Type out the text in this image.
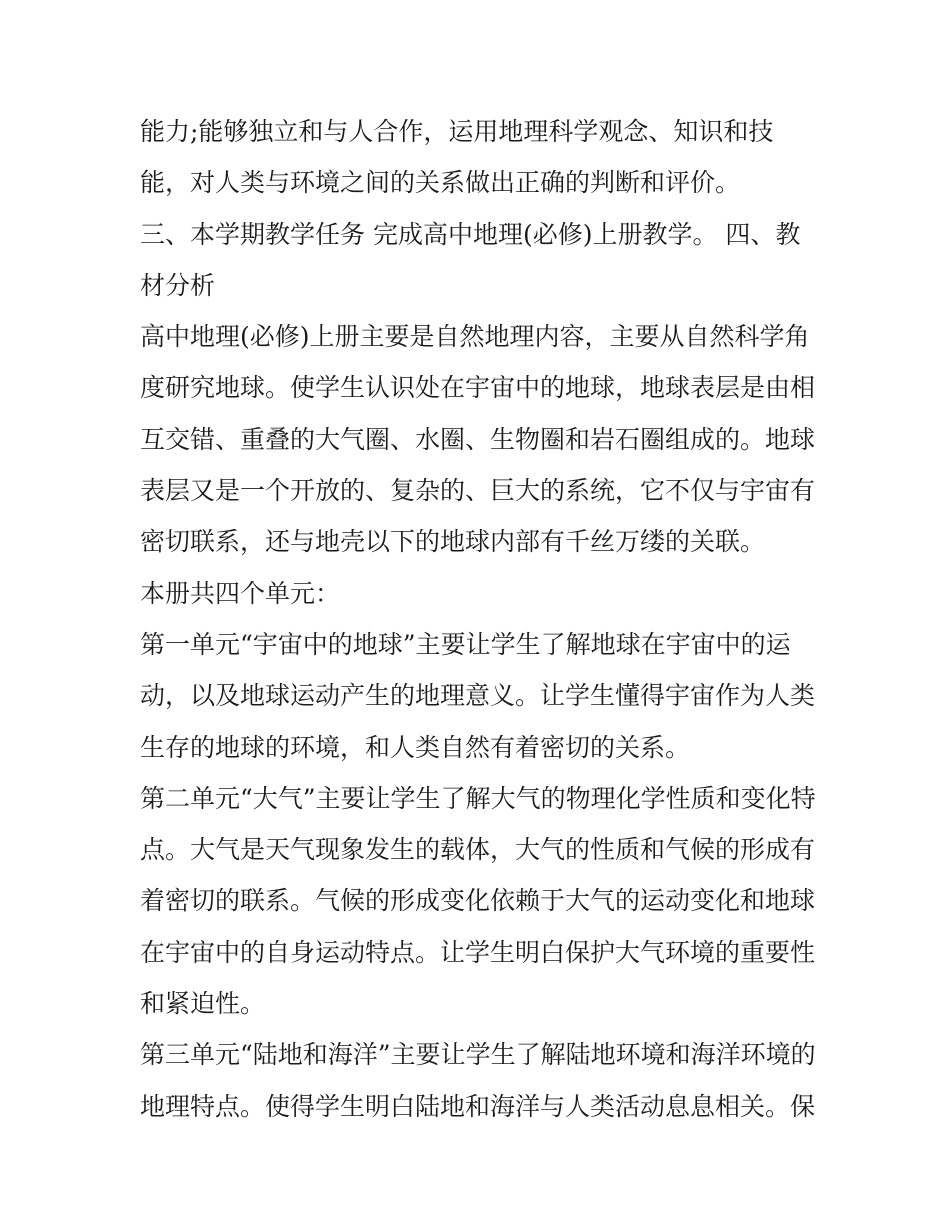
能力;能够独立和与人合作，运用地理科学观念、知识和技
能，对人类与环境之间的关系做出正确的判断和评价。
三、本学期教学任务 完成高中地理(必修)上册教学。 四、教
材分析
高中地理(必修)上册主要是自然地理内容，主要从自然科学角
度研究地球。使学生认识处在宇宙中的地球，地球表层是由相
互交错、重叠的大气圈、水圈、生物圈和岩石圈组成的。地球
表层又是一个开放的、复杂的、巨大的系统，它不仅与宇宙有
密切联系，还与地壳以下的地球内部有千丝万缕的关联。
本册共四个单元：
第一单元“宇宙中的地球”主要让学生了解地球在宇宙中的运
动，以及地球运动产生的地理意义。让学生懂得宇宙作为人类
生存的地球的环境，和人类自然有着密切的关系。
第二单元“大气”主要让学生了解大气的物理化学性质和变化特
点。大气是天气现象发生的载体，大气的性质和气候的形成有
着密切的联系。气候的形成变化依赖于大气的运动变化和地球
在宇宙中的自身运动特点。让学生明白保护大气环境的重要性
和紧迫性。
第三单元“陆地和海洋”主要让学生了解陆地环境和海洋环境的
地理特点。使得学生明白陆地和海洋与人类活动息息相关。保
